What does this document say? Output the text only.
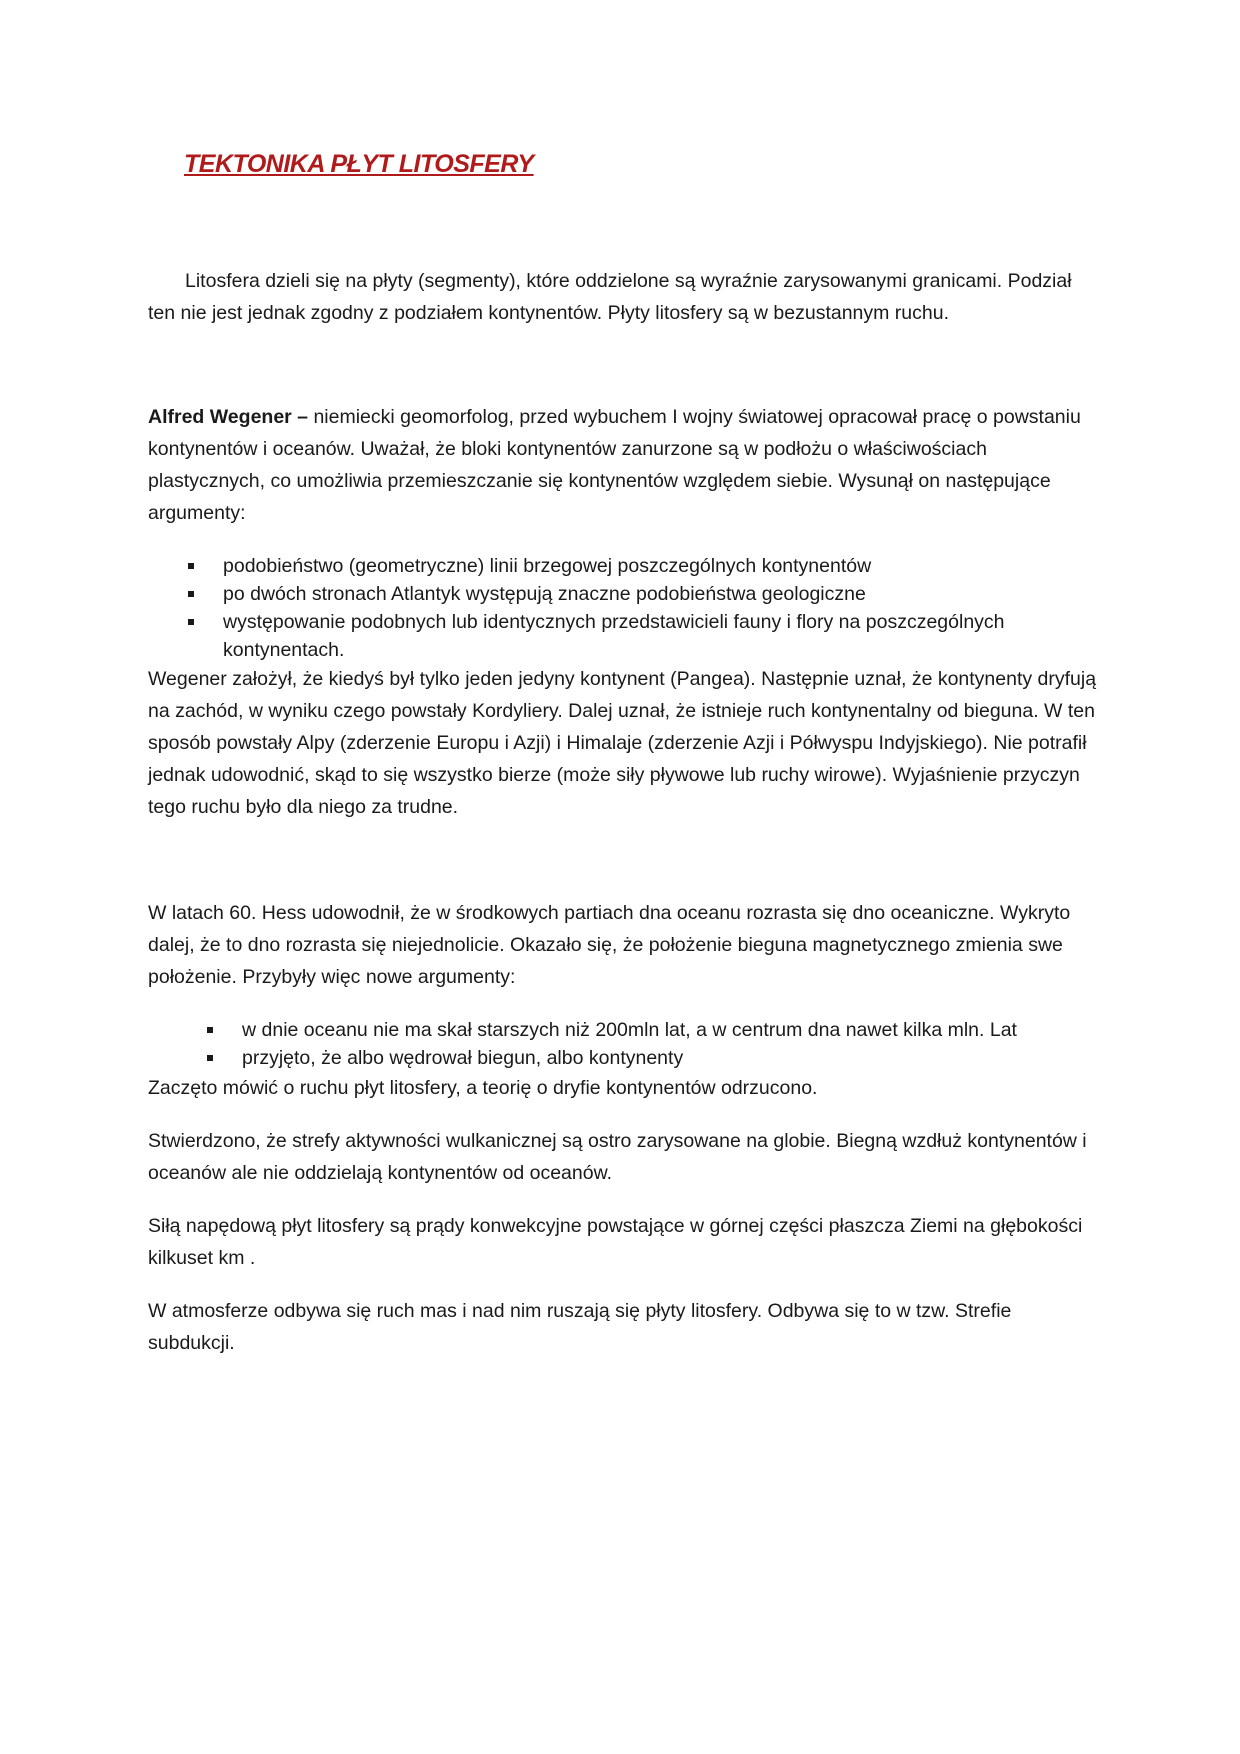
TEKTONIKA PŁYT LITOSFERY

Litosfera dzieli się na płyty (segmenty), które oddzielone są wyraźnie zarysowanymi granicami. Podział ten nie jest jednak zgodny z podziałem kontynentów. Płyty litosfery są w bezustannym ruchu.

Alfred Wegener – niemiecki geomorfolog, przed wybuchem I wojny światowej opracował pracę o powstaniu kontynentów i oceanów. Uważał, że bloki kontynentów zanurzone są w podłożu o właściwościach plastycznych, co umożliwia przemieszczanie się kontynentów względem siebie. Wysunął on następujące argumenty:

podobieństwo (geometryczne) linii brzegowej poszczególnych kontynentów
po dwóch stronach Atlantyk występują znaczne podobieństwa geologiczne
występowanie podobnych lub identycznych przedstawicieli fauny i flory na poszczególnych kontynentach.

Wegener założył, że kiedyś był tylko jeden jedyny kontynent (Pangea). Następnie uznał, że kontynenty dryfują na zachód, w wyniku czego powstały Kordyliery. Dalej uznał, że istnieje ruch kontynentalny od bieguna. W ten sposób powstały Alpy (zderzenie Europu i Azji) i Himalaje (zderzenie Azji i Półwyspu Indyjskiego). Nie potrafił jednak udowodnić, skąd to się wszystko bierze (może siły pływowe lub ruchy wirowe). Wyjaśnienie przyczyn tego ruchu było dla niego za trudne.

W latach 60. Hess udowodnił, że w środkowych partiach dna oceanu rozrasta się dno oceaniczne. Wykryto dalej, że to dno rozrasta się niejednolicie. Okazało się, że położenie bieguna magnetycznego zmienia swe położenie. Przybyły więc nowe argumenty:

w dnie oceanu nie ma skał starszych niż 200mln lat, a w centrum dna nawet kilka mln. Lat
przyjęto, że albo wędrował biegun, albo kontynenty

Zaczęto mówić o ruchu płyt litosfery, a teorię o dryfie kontynentów odrzucono.

Stwierdzono, że strefy aktywności wulkanicznej są ostro zarysowane na globie. Biegną wzdłuż kontynentów i oceanów ale nie oddzielają kontynentów od oceanów.

Siłą napędową płyt litosfery są prądy konwekcyjne powstające w górnej części płaszcza Ziemi na głębokości kilkuset km .

W atmosferze odbywa się ruch mas i nad nim ruszają się płyty litosfery. Odbywa się to w tzw. Strefie subdukcji.
